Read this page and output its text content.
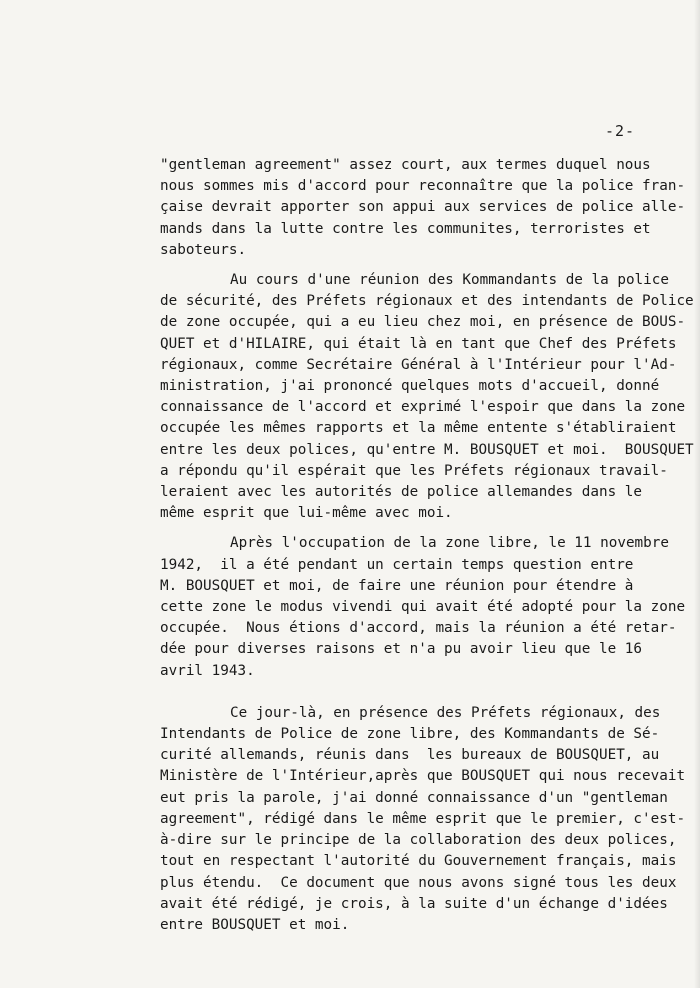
-2-
"gentleman agreement" assez court, aux termes duquel nous
nous sommes mis d'accord pour reconnaître que la police fran-
çaise devrait apporter son appui aux services de police alle-
mands dans la lutte contre les communites, terroristes et
saboteurs.
Au cours d'une réunion des Kommandants de la police
de sécurité, des Préfets régionaux et des intendants de Police
de zone occupée, qui a eu lieu chez moi, en présence de BOUS-
QUET et d'HILAIRE, qui était là en tant que Chef des Préfets
régionaux, comme Secrétaire Général à l'Intérieur pour l'Ad-
ministration, j'ai prononcé quelques mots d'accueil, donné
connaissance de l'accord et exprimé l'espoir que dans la zone
occupée les mêmes rapports et la même entente s'établiraient
entre les deux polices, qu'entre M. BOUSQUET et moi.  BOUSQUET
a répondu qu'il espérait que les Préfets régionaux travail-
leraient avec les autorités de police allemandes dans le
même esprit que lui-même avec moi.
Après l'occupation de la zone libre, le 11 novembre
1942,  il a été pendant un certain temps question entre
M. BOUSQUET et moi, de faire une réunion pour étendre à
cette zone le modus vivendi qui avait été adopté pour la zone
occupée.  Nous étions d'accord, mais la réunion a été retar-
dée pour diverses raisons et n'a pu avoir lieu que le 16
avril 1943.
Ce jour-là, en présence des Préfets régionaux, des
Intendants de Police de zone libre, des Kommandants de Sé-
curité allemands, réunis dans  les bureaux de BOUSQUET, au
Ministère de l'Intérieur,après que BOUSQUET qui nous recevait
eut pris la parole, j'ai donné connaissance d'un "gentleman
agreement", rédigé dans le même esprit que le premier, c'est-
à-dire sur le principe de la collaboration des deux polices,
tout en respectant l'autorité du Gouvernement français, mais
plus étendu.  Ce document que nous avons signé tous les deux
avait été rédigé, je crois, à la suite d'un échange d'idées
entre BOUSQUET et moi.
